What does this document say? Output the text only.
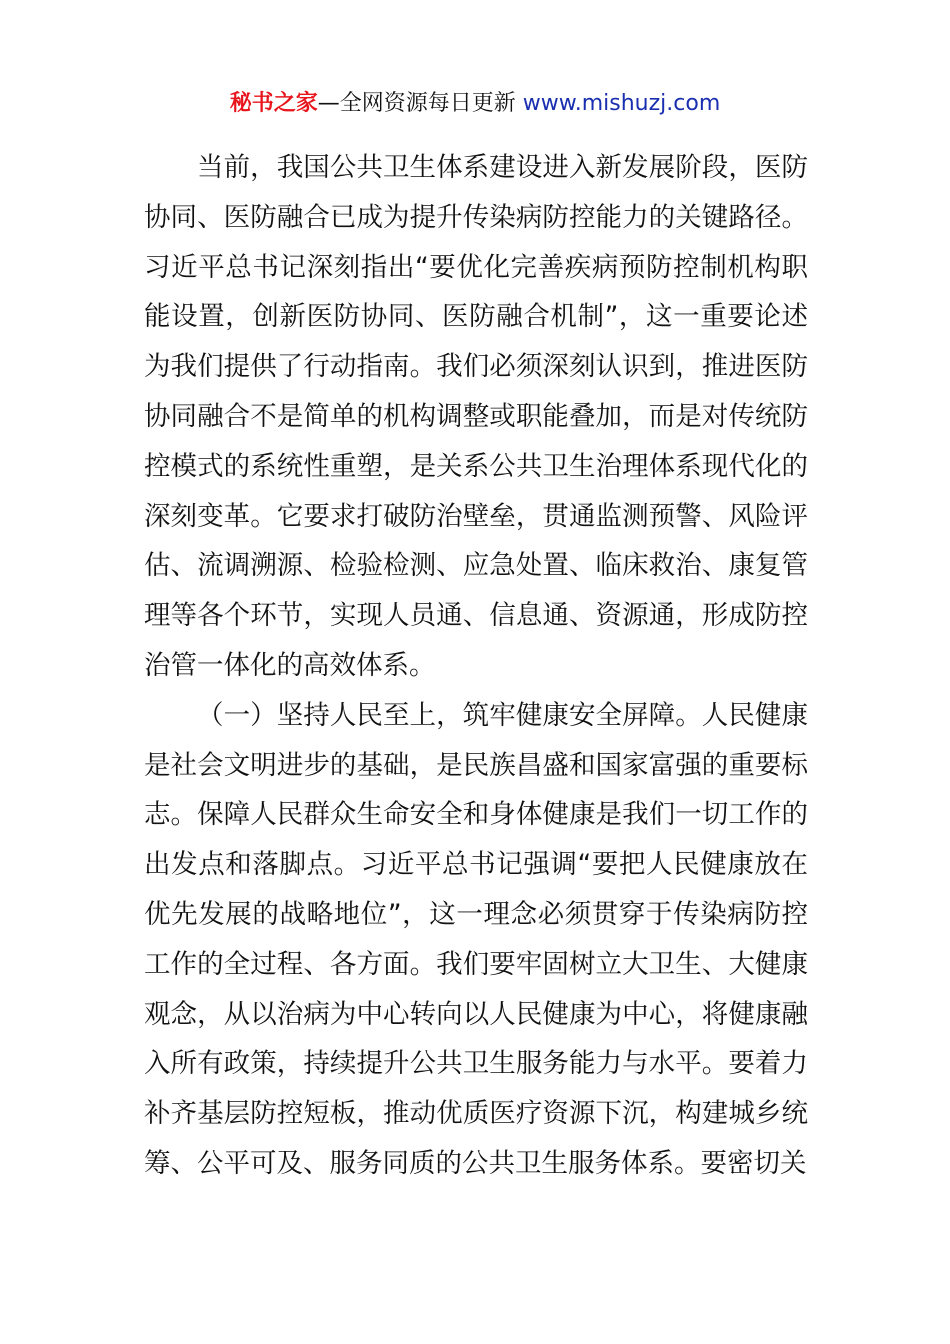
秘书之家—全网资源每日更新 www.mishuzj.com

当前，我国公共卫生体系建设进入新发展阶段，医防协同、医防融合已成为提升传染病防控能力的关键路径。习近平总书记深刻指出“要优化完善疾病预防控制机构职能设置，创新医防协同、医防融合机制”，这一重要论述为我们提供了行动指南。我们必须深刻认识到，推进医防协同融合不是简单的机构调整或职能叠加，而是对传统防控模式的系统性重塑，是关系公共卫生治理体系现代化的深刻变革。它要求打破防治壁垒，贯通监测预警、风险评估、流调溯源、检验检测、应急处置、临床救治、康复管理等各个环节，实现人员通、信息通、资源通，形成防控治管一体化的高效体系。

（一）坚持人民至上，筑牢健康安全屏障。人民健康是社会文明进步的基础，是民族昌盛和国家富强的重要标志。保障人民群众生命安全和身体健康是我们一切工作的出发点和落脚点。习近平总书记强调“要把人民健康放在优先发展的战略地位”，这一理念必须贯穿于传染病防控工作的全过程、各方面。我们要牢固树立大卫生、大健康观念，从以治病为中心转向以人民健康为中心，将健康融入所有政策，持续提升公共卫生服务能力与水平。要着力补齐基层防控短板，推动优质医疗资源下沉，构建城乡统筹、公平可及、服务同质的公共卫生服务体系。要密切关
